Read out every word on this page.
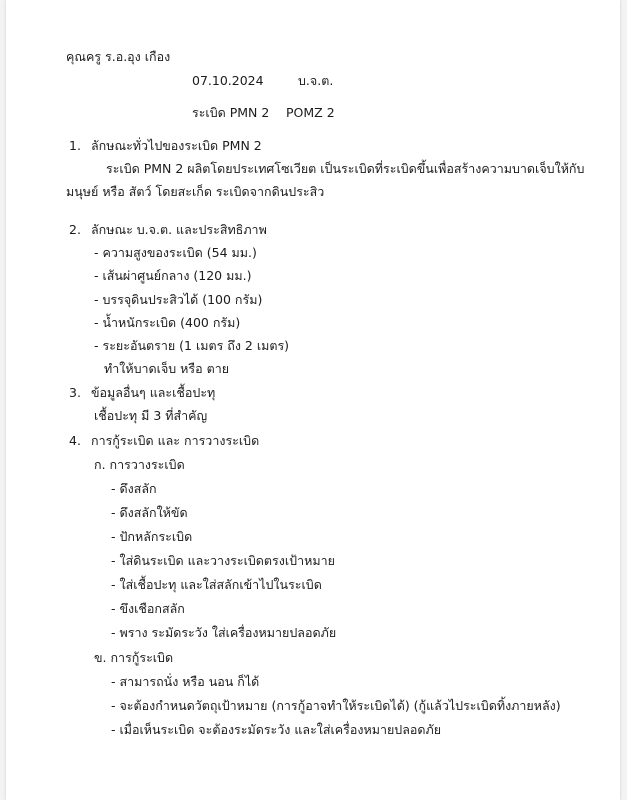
คุณครู ร.อ.อุง เกือง
07.10.2024	บ.จ.ต.
ระเบิด PMN 2 POMZ 2
1. ลักษณะทั่วไปของระเบิด PMN 2
ระเบิด PMN 2 ผลิตโดยประเทศโซเวียต เป็นระเบิดที่ระเบิดขึ้นเพื่อสร้างความบาดเจ็บให้กับ
มนุษย์ หรือ สัตว์ โดยสะเก็ด ระเบิดจากดินประสิว
2. ลักษณะ บ.จ.ต. และประสิทธิภาพ
- ความสูงของระเบิด (54 มม.)
- เส้นผ่าศูนย์กลาง (120 มม.)
- บรรจุดินประสิวได้ (100 กรัม)
- น้ำหนักระเบิด (400 กรัม)
- ระยะอันตราย (1 เมตร ถึง 2 เมตร)
ทำให้บาดเจ็บ หรือ ตาย
3. ข้อมูลอื่นๆ และเชื้อปะทุ
เชื้อปะทุ มี 3 ที่สำคัญ
4. การกู้ระเบิด และ การวางระเบิด
ก. การวางระเบิด
- ดึงสลัก
- ดึงสลักให้ขัด
- ปักหลักระเบิด
- ใส่ดินระเบิด และวางระเบิดตรงเป้าหมาย
- ใส่เชื้อปะทุ และใส่สลักเข้าไปในระเบิด
- ขึงเชือกสลัก
- พราง ระมัดระวัง ใส่เครื่องหมายปลอดภัย
ข. การกู้ระเบิด
- สามารถนั่ง หรือ นอน ก็ได้
- จะต้องกำหนดวัตถุเป้าหมาย (การกู้อาจทำให้ระเบิดได้) (กู้แล้วไประเบิดทิ้งภายหลัง)
- เมื่อเห็นระเบิด จะต้องระมัดระวัง และใส่เครื่องหมายปลอดภัย
